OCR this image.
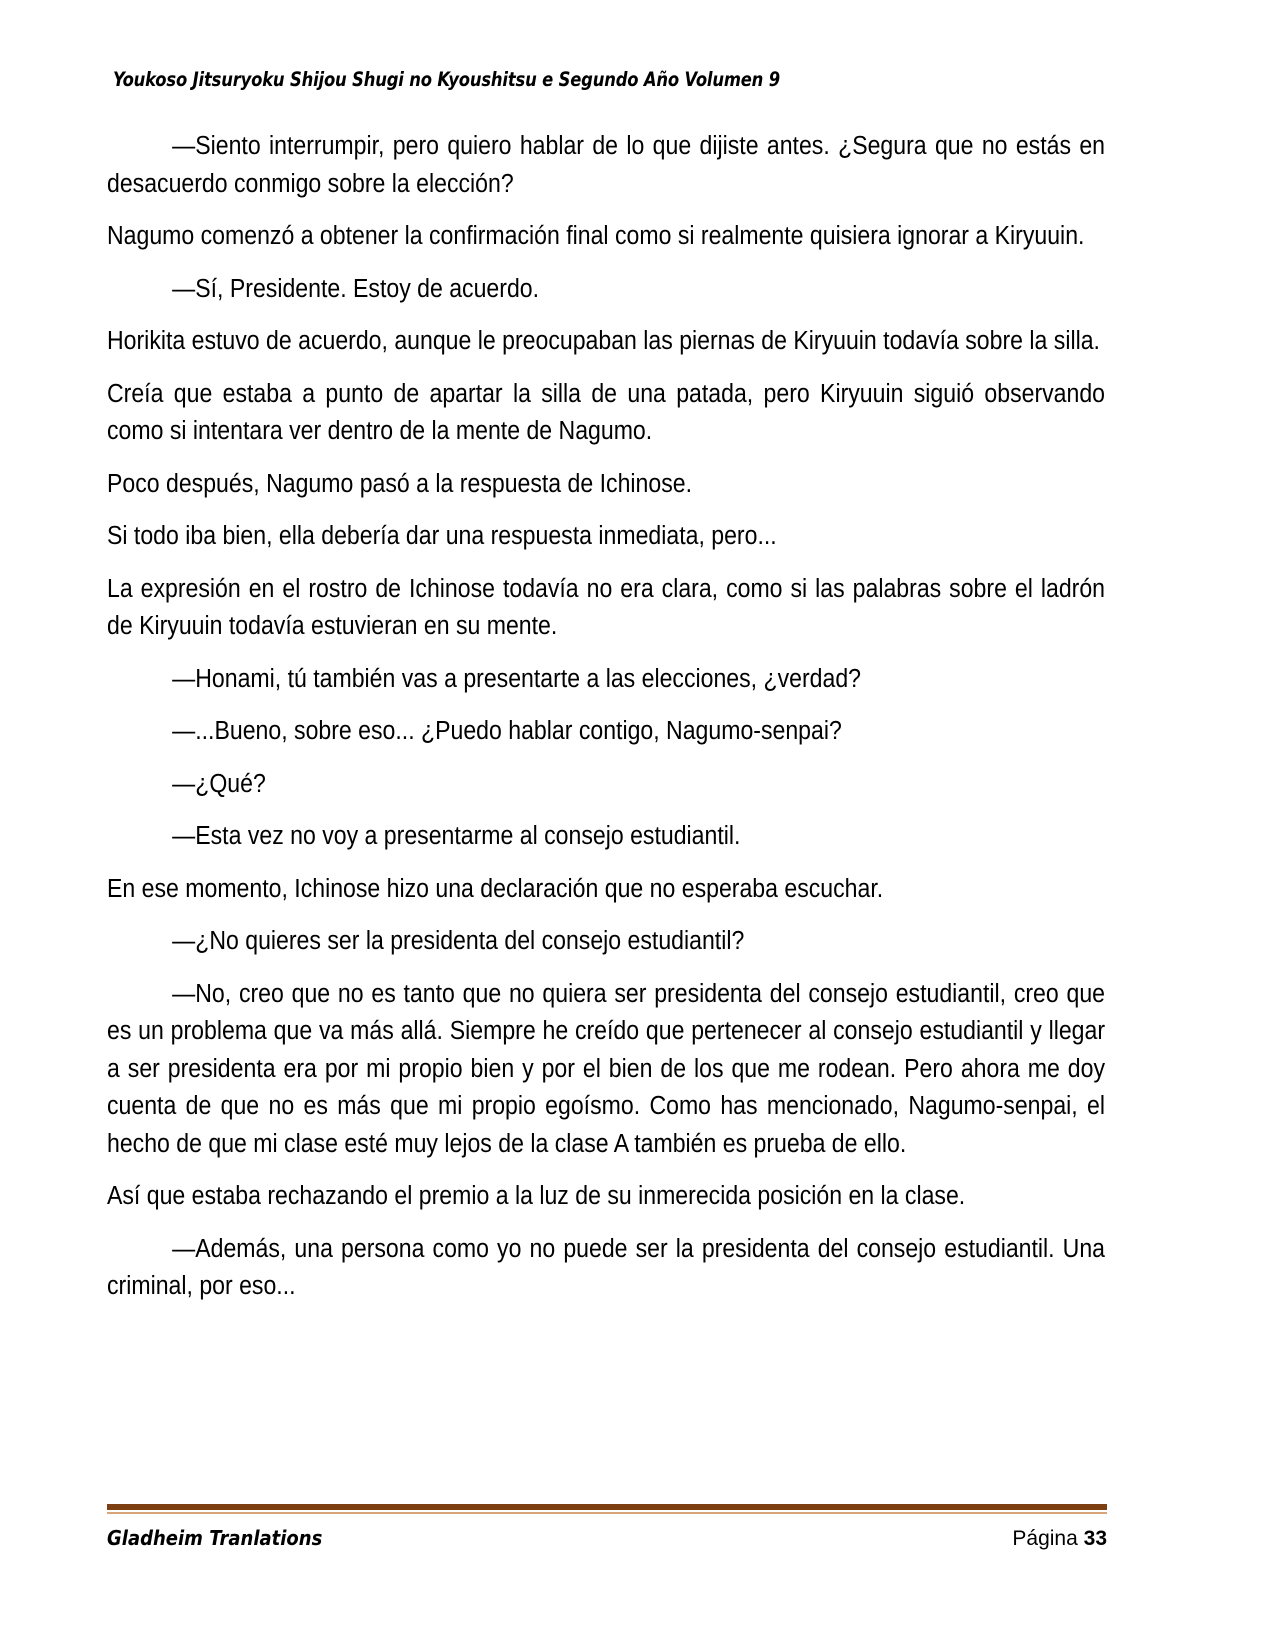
Youkoso Jitsuryoku Shijou Shugi no Kyoushitsu e Segundo Año Volumen 9

—Siento interrumpir, pero quiero hablar de lo que dijiste antes. ¿Segura que no estás en desacuerdo conmigo sobre la elección?

Nagumo comenzó a obtener la confirmación final como si realmente quisiera ignorar a Kiryuuin.

—Sí, Presidente. Estoy de acuerdo.

Horikita estuvo de acuerdo, aunque le preocupaban las piernas de Kiryuuin todavía sobre la silla.

Creía que estaba a punto de apartar la silla de una patada, pero Kiryuuin siguió observando como si intentara ver dentro de la mente de Nagumo.

Poco después, Nagumo pasó a la respuesta de Ichinose.

Si todo iba bien, ella debería dar una respuesta inmediata, pero...

La expresión en el rostro de Ichinose todavía no era clara, como si las palabras sobre el ladrón de Kiryuuin todavía estuvieran en su mente.

—Honami, tú también vas a presentarte a las elecciones, ¿verdad?

—...Bueno, sobre eso... ¿Puedo hablar contigo, Nagumo-senpai?

—¿Qué?

—Esta vez no voy a presentarme al consejo estudiantil.

En ese momento, Ichinose hizo una declaración que no esperaba escuchar.

—¿No quieres ser la presidenta del consejo estudiantil?

—No, creo que no es tanto que no quiera ser presidenta del consejo estudiantil, creo que es un problema que va más allá. Siempre he creído que pertenecer al consejo estudiantil y llegar a ser presidenta era por mi propio bien y por el bien de los que me rodean. Pero ahora me doy cuenta de que no es más que mi propio egoísmo. Como has mencionado, Nagumo-senpai, el hecho de que mi clase esté muy lejos de la clase A también es prueba de ello.

Así que estaba rechazando el premio a la luz de su inmerecida posición en la clase.

—Además, una persona como yo no puede ser la presidenta del consejo estudiantil. Una criminal, por eso...

Gladheim Tranlations	Página 33
